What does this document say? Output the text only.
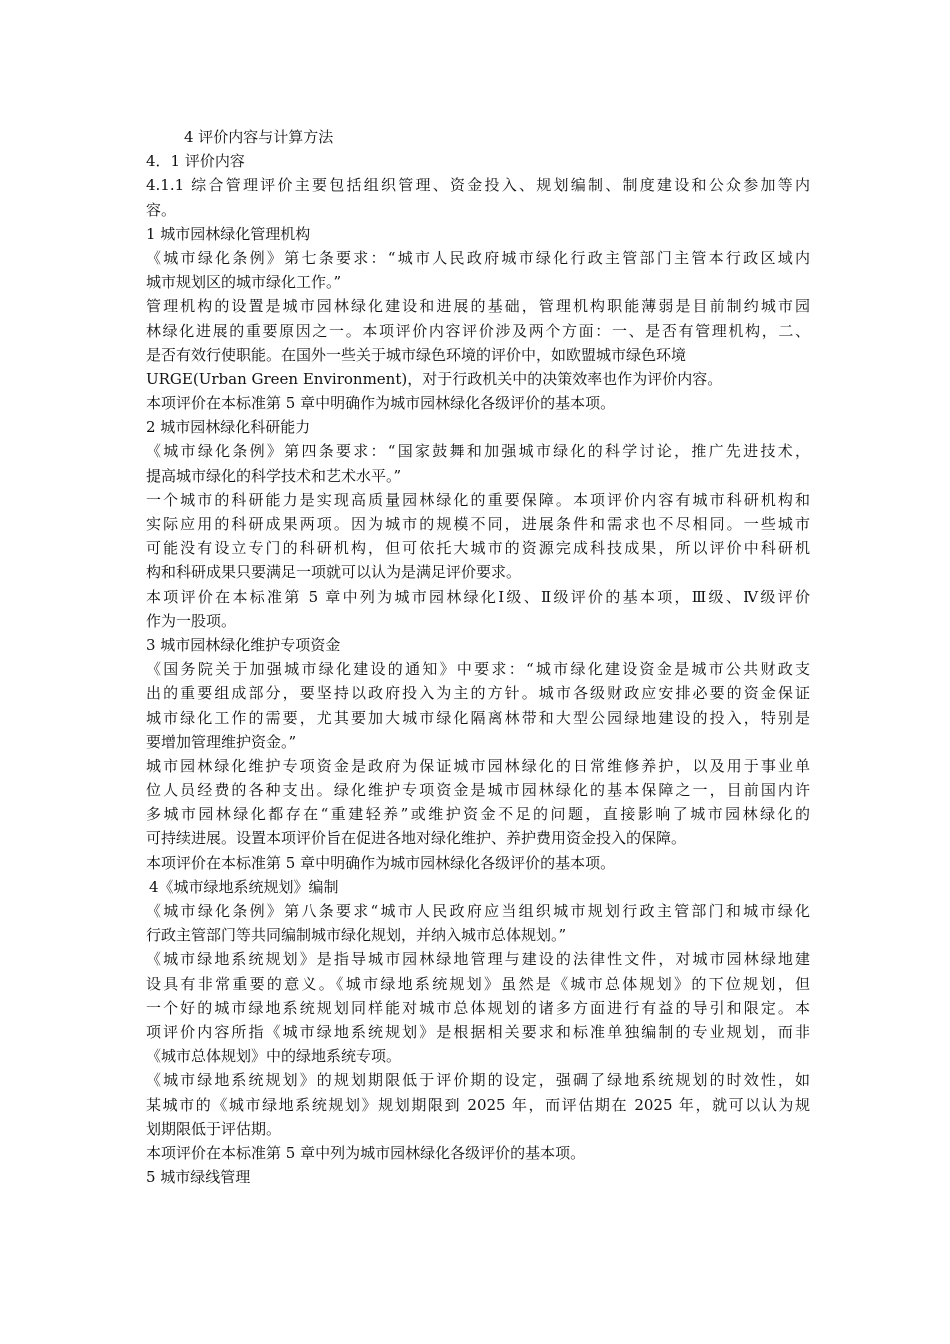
4 评价内容与计算方法
4．1 评价内容
4.1.1 综合管理评价主要包括组织管理、资金投入、规划编制、制度建设和公众参加等内
容。
1 城市园林绿化管理机构
《城市绿化条例》第七条要求：“城市人民政府城市绿化行政主管部门主管本行政区域内
城市规划区的城市绿化工作。”
管理机构的设置是城市园林绿化建设和进展的基础，管理机构职能薄弱是目前制约城市园
林绿化进展的重要原因之一。本项评价内容评价涉及两个方面：一、是否有管理机构，二、
是否有效行使职能。在国外一些关于城市绿色环境的评价中，如欧盟城市绿色环境
URGE(Urban Green Environment)，对于行政机关中的决策效率也作为评价内容。
本项评价在本标准第 5 章中明确作为城市园林绿化各级评价的基本项。
2 城市园林绿化科研能力
《城市绿化条例》第四条要求：“国家鼓舞和加强城市绿化的科学讨论，推广先进技术，
提高城市绿化的科学技术和艺术水平。”
一个城市的科研能力是实现高质量园林绿化的重要保障。本项评价内容有城市科研机构和
实际应用的科研成果两项。因为城市的规模不同，进展条件和需求也不尽相同。一些城市
可能没有设立专门的科研机构，但可依托大城市的资源完成科技成果，所以评价中科研机
构和科研成果只要满足一项就可以认为是满足评价要求。
本项评价在本标准第 5 章中列为城市园林绿化Ⅰ级、Ⅱ级评价的基本项，Ⅲ级、Ⅳ级评价
作为一股项。
3 城市园林绿化维护专项资金
《国务院关于加强城市绿化建设的通知》中要求：“城市绿化建设资金是城市公共财政支
出的重要组成部分，要坚持以政府投入为主的方针。城市各级财政应安排必要的资金保证
城市绿化工作的需要，尤其要加大城市绿化隔离林带和大型公园绿地建设的投入，特别是
要增加管理维护资金。”
城市园林绿化维护专项资金是政府为保证城市园林绿化的日常维修养护，以及用于事业单
位人员经费的各种支出。绿化维护专项资金是城市园林绿化的基本保障之一，目前国内许
多城市园林绿化都存在“重建轻养”或维护资金不足的问题，直接影响了城市园林绿化的
可持续进展。设置本项评价旨在促进各地对绿化维护、养护费用资金投入的保障。
本项评价在本标准第 5 章中明确作为城市园林绿化各级评价的基本项。
4《城市绿地系统规划》编制
《城市绿化条例》第八条要求“城市人民政府应当组织城市规划行政主管部门和城市绿化
行政主管部门等共同编制城市绿化规划，并纳入城市总体规划。”
《城市绿地系统规划》是指导城市园林绿地管理与建设的法律性文件，对城市园林绿地建
设具有非常重要的意义。《城市绿地系统规划》虽然是《城市总体规划》的下位规划，但
一个好的城市绿地系统规划同样能对城市总体规划的诸多方面进行有益的导引和限定。本
项评价内容所指《城市绿地系统规划》是根据相关要求和标准单独编制的专业规划，而非
《城市总体规划》中的绿地系统专项。
《城市绿地系统规划》的规划期限低于评价期的设定，强碉了绿地系统规划的时效性，如
某城市的《城市绿地系统规划》规划期限到 2025 年，而评估期在 2025 年，就可以认为规
划期限低于评估期。
本项评价在本标准第 5 章中列为城市园林绿化各级评价的基本项。
5 城市绿线管理
